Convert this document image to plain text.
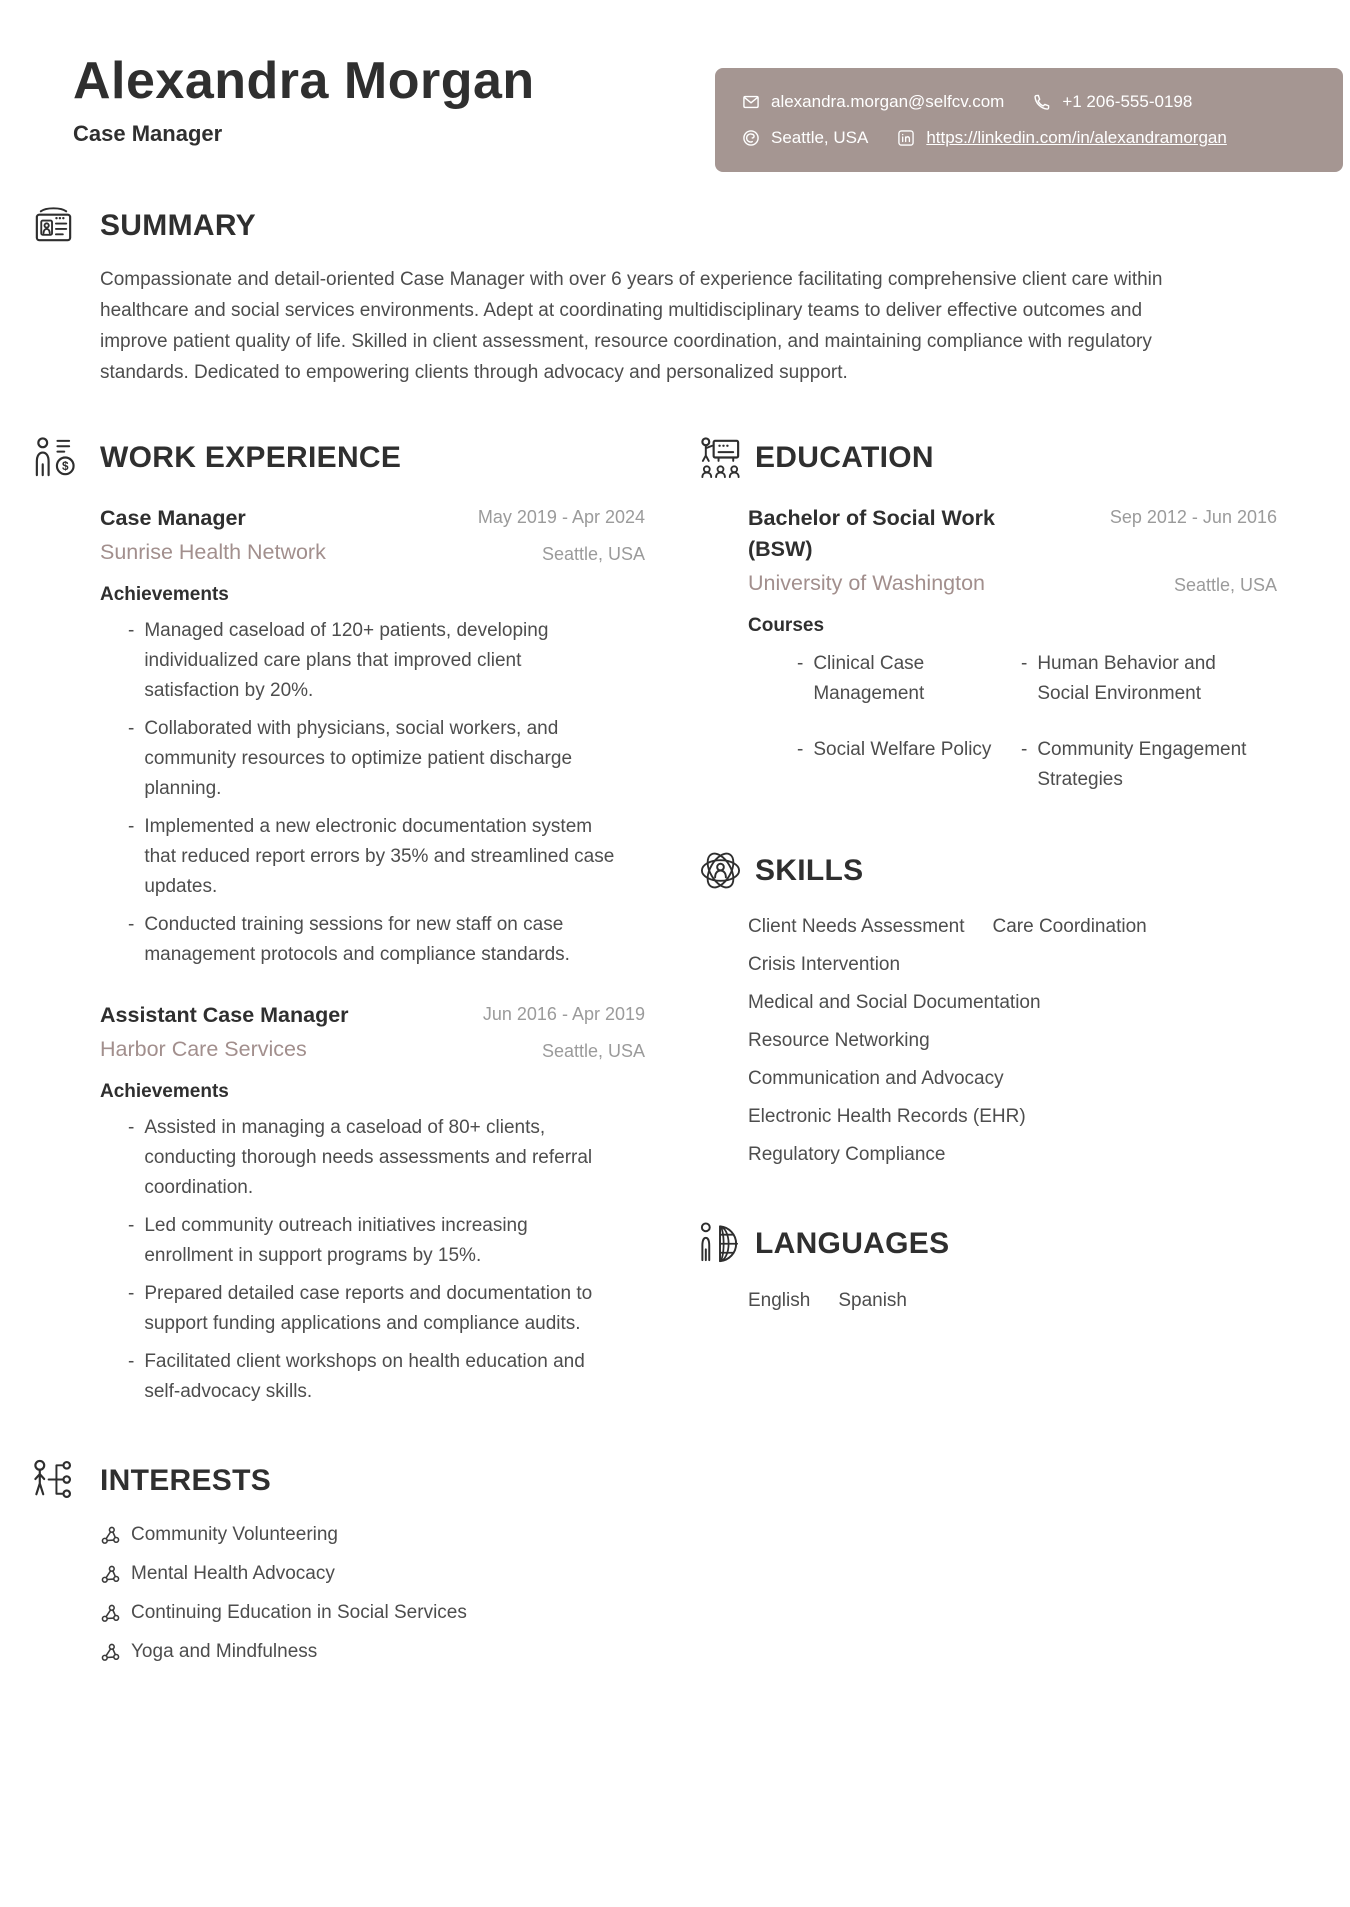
Alexandra Morgan
Case Manager
alexandra.morgan@selfcv.com	+1 206-555-0198
Seattle, USA	https://linkedin.com/in/alexandramorgan
SUMMARY

Compassionate and detail-oriented Case Manager with over 6 years of experience facilitating comprehensive client care within healthcare and social services environments. Adept at coordinating multidisciplinary teams to deliver effective outcomes and improve patient quality of life. Skilled in client assessment, resource coordination, and maintaining compliance with regulatory standards. Dedicated to empowering clients through advocacy and personalized support.

$ WORK EXPERIENCE
Case Manager
Sunrise Health Network
May 2019 - Apr 2024
Seattle, USA
Achievements
- Managed caseload of 120+ patients, developing individualized care plans that improved client satisfaction by 20%.
- Collaborated with physicians, social workers, and community resources to optimize patient discharge planning.
- Implemented a new electronic documentation system that reduced report errors by 35% and streamlined case updates.
- Conducted training sessions for new staff on case management protocols and compliance standards.
Assistant Case Manager
Harbor Care Services
Jun 2016 - Apr 2019
Seattle, USA
Achievements
- Assisted in managing a caseload of 80+ clients, conducting thorough needs assessments and referral coordination.
- Led community outreach initiatives increasing enrollment in support programs by 15%.
- Prepared detailed case reports and documentation to support funding applications and compliance audits.
- Facilitated client workshops on health education and self-advocacy skills.
INTERESTS
Community Volunteering
Mental Health Advocacy
Continuing Education in Social Services
Yoga and Mindfulness
EDUCATION
Bachelor of Social Work (BSW)
University of Washington
Sep 2012 - Jun 2016
Seattle, USA
Courses
- Clinical Case Management
- Human Behavior and Social Environment
- Social Welfare Policy - Community Engagement Strategies
SKILLS
Client Needs Assessment Care Coordination
Crisis Intervention
Medical and Social Documentation
Resource Networking
Communication and Advocacy
Electronic Health Records (EHR)
Regulatory Compliance
LANGUAGES
English Spanish
